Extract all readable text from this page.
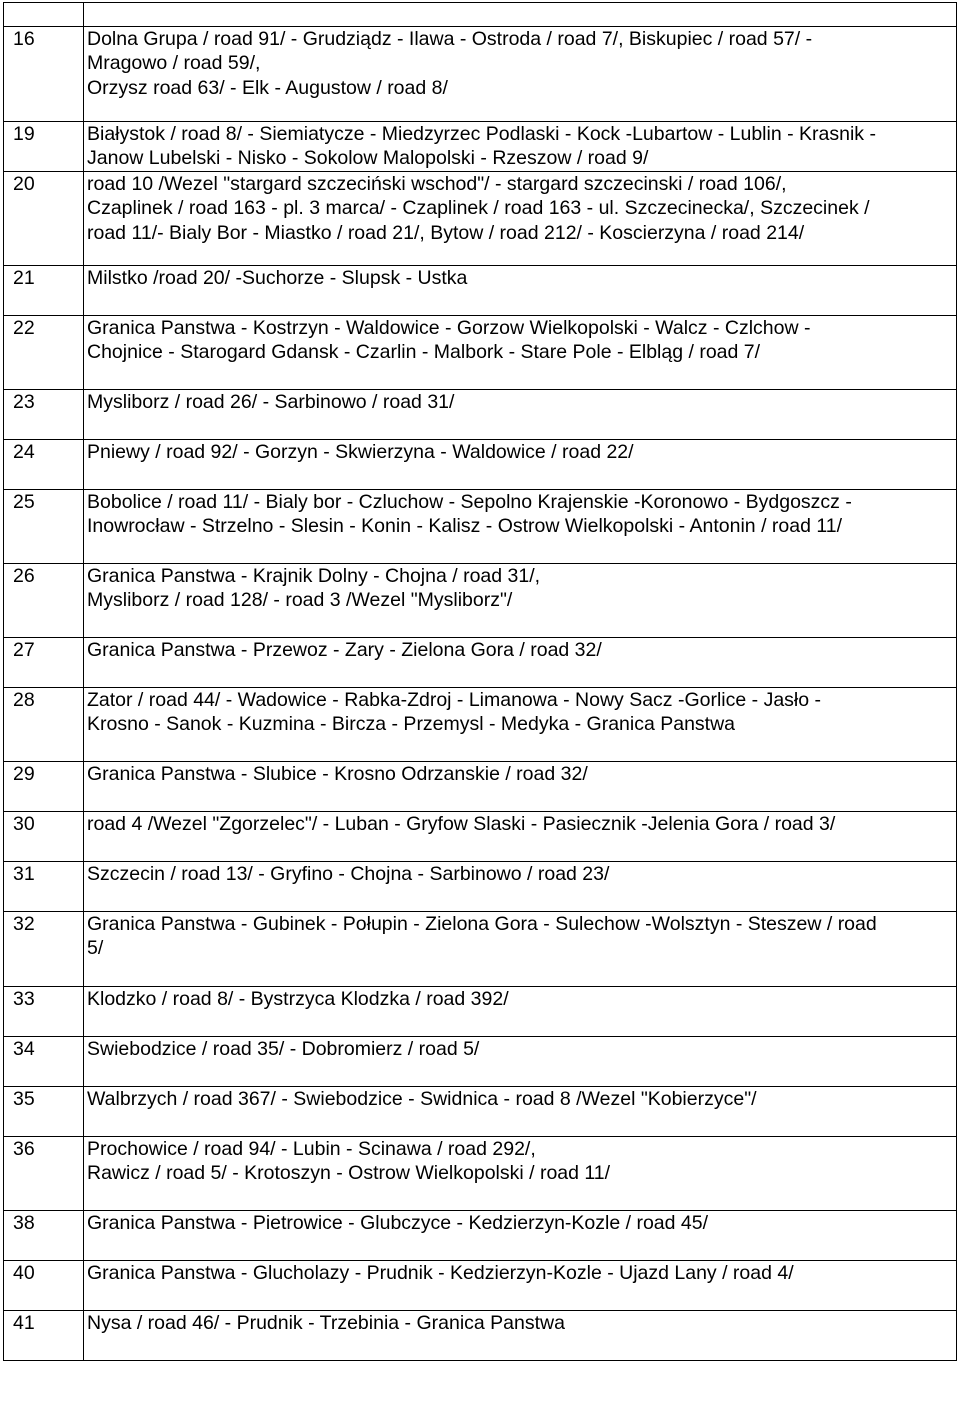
16	Dolna Grupa / road 91/ - Grudziądz - Ilawa - Ostroda / road 7/, Biskupiec / road 57/ -
Mragowo / road 59/,
Orzysz road 63/ - Elk - Augustow / road 8/

19	Białystok / road 8/ - Siemiatycze - Miedzyrzec Podlaski - Kock -Lubartow - Lublin - Krasnik -
Janow Lubelski - Nisko - Sokolow Malopolski - Rzeszow / road 9/

20	road 10 /Wezel "stargard szczeciński wschod"/ - stargard szczecinski / road 106/,
Czaplinek / road 163 - pl. 3 marca/ - Czaplinek / road 163 - ul. Szczecinecka/, Szczecinek /
road 11/- Bialy Bor - Miastko / road 21/, Bytow / road 212/ - Koscierzyna / road 214/

21	Milstko /road 20/ -Suchorze - Slupsk - Ustka

22	Granica Panstwa - Kostrzyn - Waldowice - Gorzow Wielkopolski - Walcz - Czlchow -
Chojnice - Starogard Gdansk - Czarlin - Malbork - Stare Pole - Elbląg / road 7/

23	Mysliborz / road 26/ - Sarbinowo / road 31/

24	Pniewy / road 92/ - Gorzyn - Skwierzyna - Waldowice / road 22/

25	Bobolice / road 11/ - Bialy bor - Czluchow - Sepolno Krajenskie -Koronowo - Bydgoszcz -
Inowrocław - Strzelno - Slesin - Konin - Kalisz - Ostrow Wielkopolski - Antonin / road 11/

26	Granica Panstwa - Krajnik Dolny - Chojna / road 31/,
Mysliborz / road 128/ - road 3 /Wezel "Mysliborz"/

27	Granica Panstwa - Przewoz - Zary - Zielona Gora / road 32/

28	Zator / road 44/ - Wadowice - Rabka-Zdroj - Limanowa - Nowy Sacz -Gorlice - Jasło -
Krosno - Sanok - Kuzmina - Bircza - Przemysl - Medyka - Granica Panstwa

29	Granica Panstwa - Slubice - Krosno Odrzanskie / road 32/

30	road 4 /Wezel "Zgorzelec"/ - Luban - Gryfow Slaski - Pasiecznik -Jelenia Gora / road 3/

31	Szczecin / road 13/ - Gryfino - Chojna - Sarbinowo / road 23/

32	Granica Panstwa - Gubinek - Połupin - Zielona Gora - Sulechow -Wolsztyn - Steszew / road
5/

33	Klodzko / road 8/ - Bystrzyca Klodzka / road 392/

34	Swiebodzice / road 35/ - Dobromierz / road 5/

35	Walbrzych / road 367/ - Swiebodzice - Swidnica - road 8 /Wezel "Kobierzyce"/

36	Prochowice / road 94/ - Lubin - Scinawa / road 292/,
Rawicz / road 5/ - Krotoszyn - Ostrow Wielkopolski / road 11/

38	Granica Panstwa - Pietrowice - Glubczyce - Kedzierzyn-Kozle / road 45/

40	Granica Panstwa - Glucholazy - Prudnik - Kedzierzyn-Kozle - Ujazd Lany / road 4/

41	Nysa / road 46/ - Prudnik - Trzebinia - Granica Panstwa
